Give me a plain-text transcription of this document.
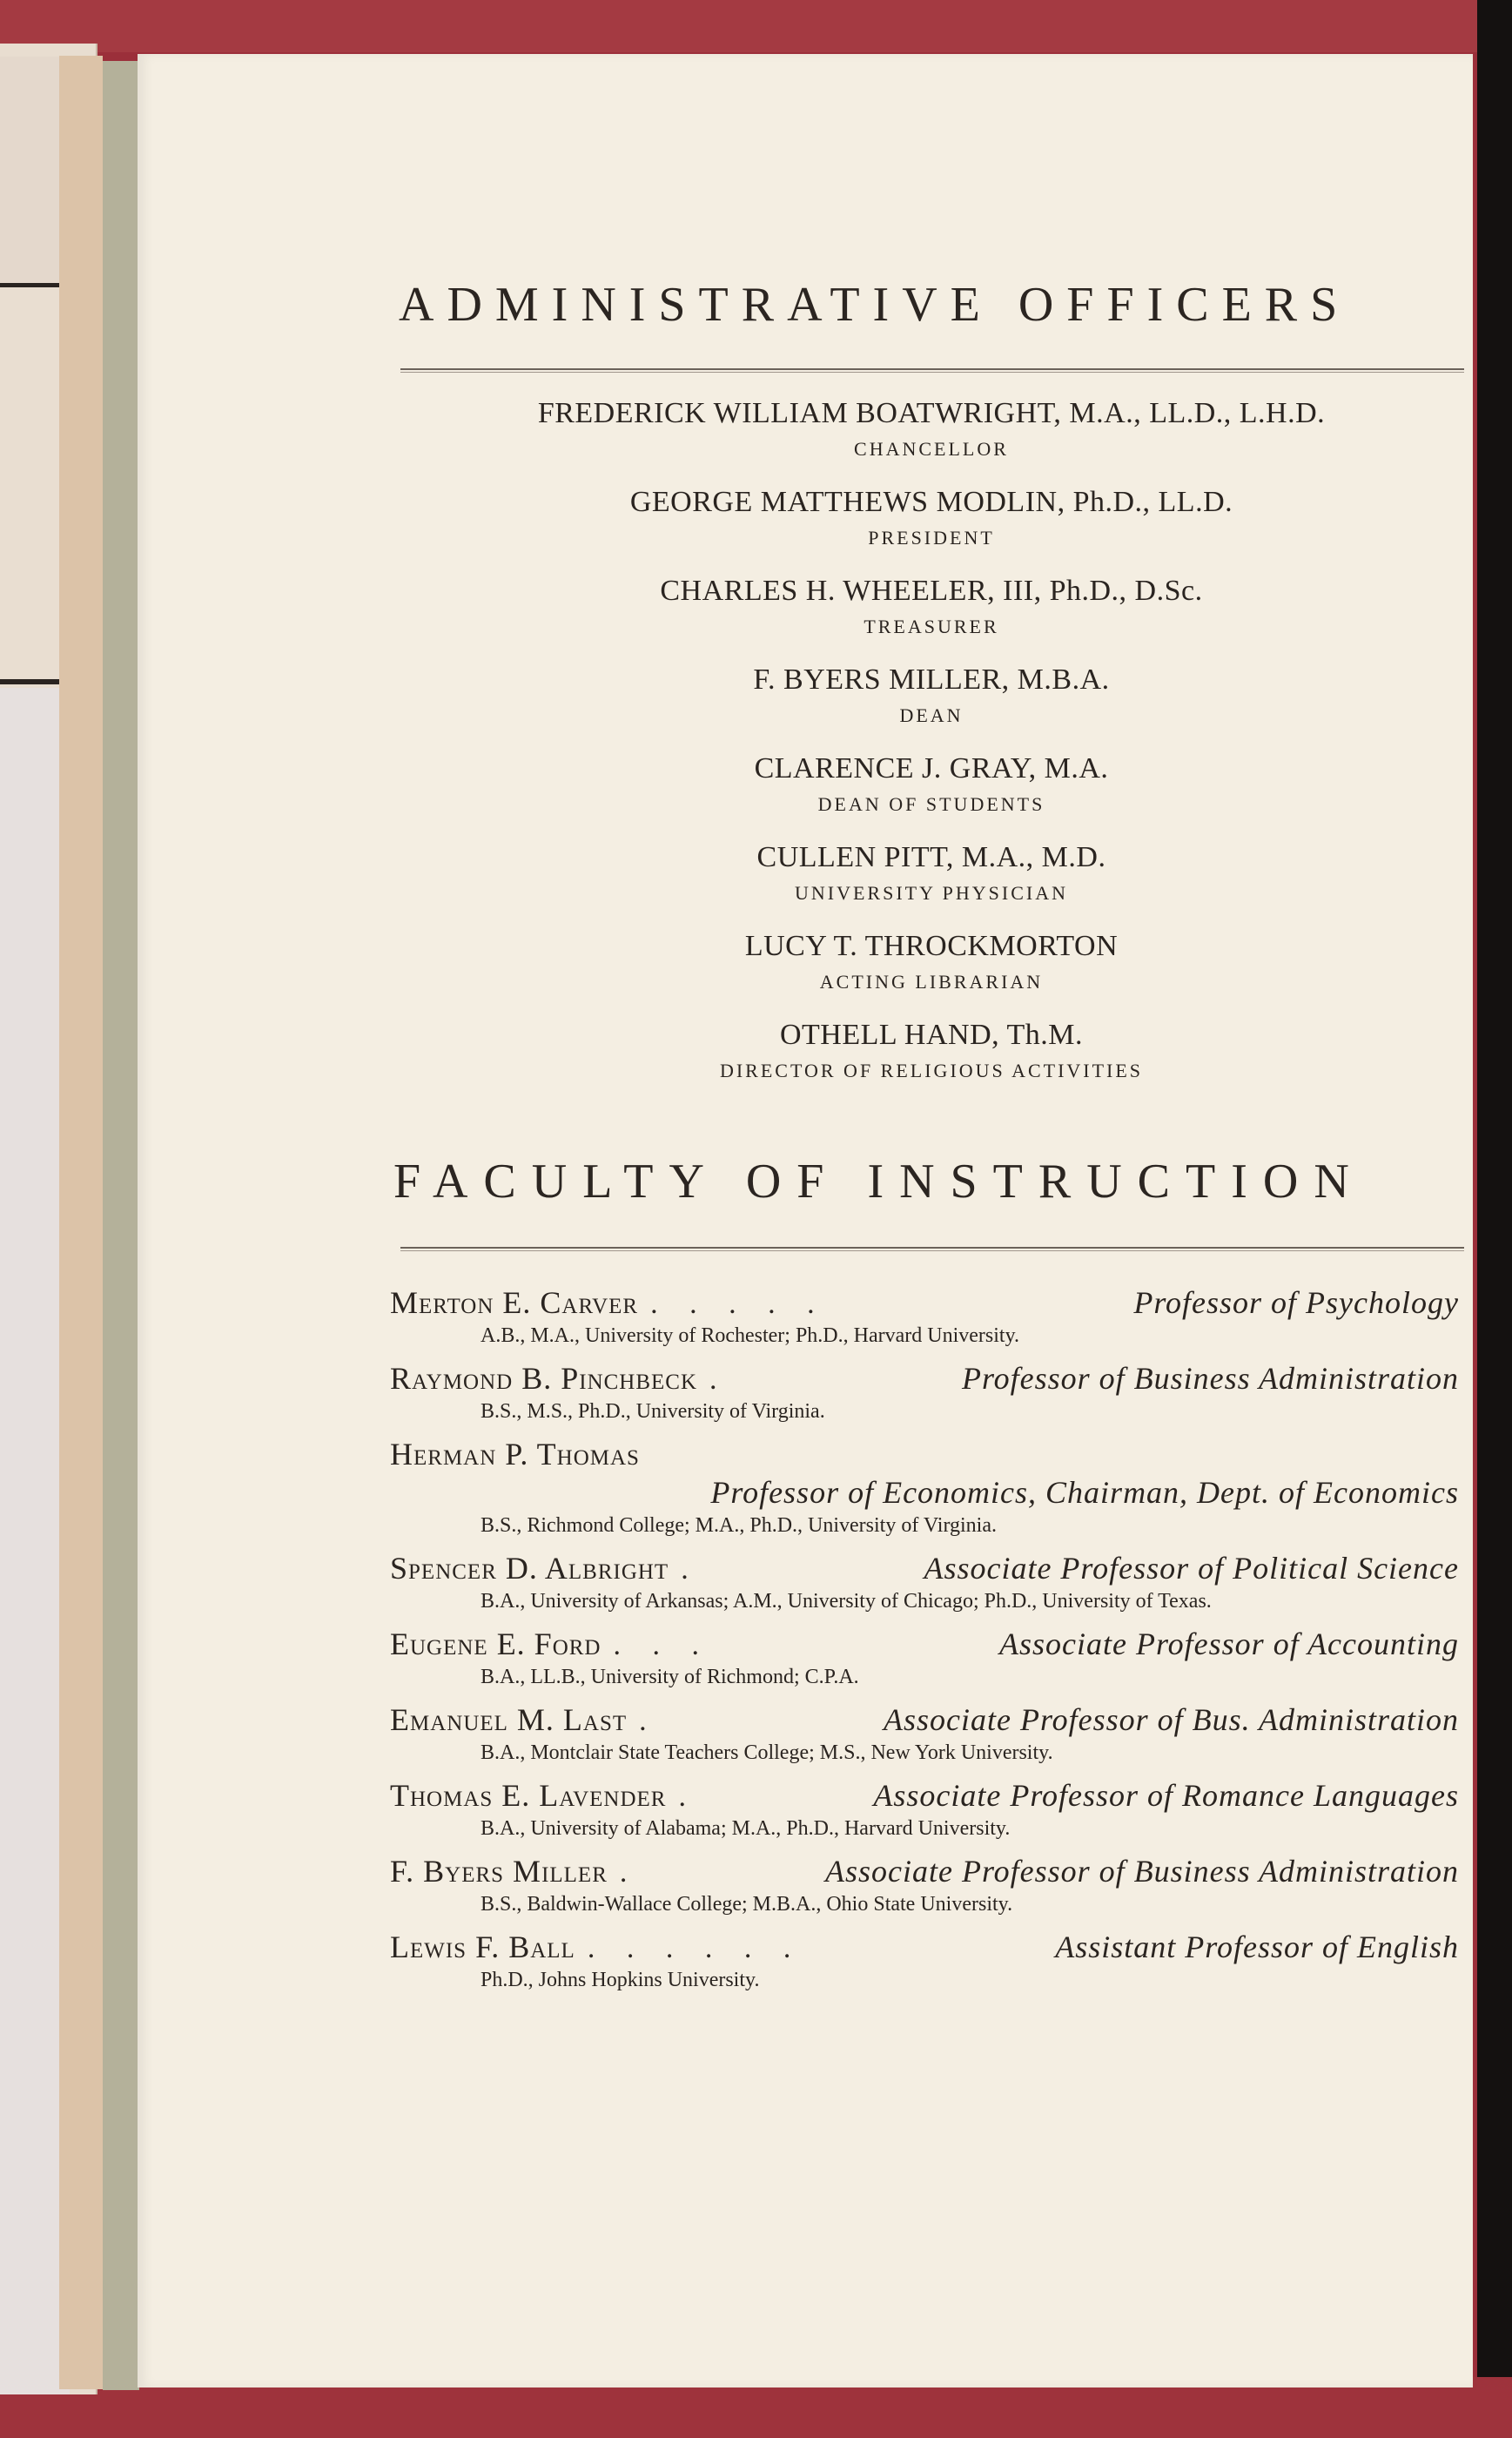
ADMINISTRATIVE OFFICERS
FREDERICK WILLIAM BOATWRIGHT, M.A., LL.D., L.H.D.
CHANCELLOR
GEORGE MATTHEWS MODLIN, Ph.D., LL.D.
PRESIDENT
CHARLES H. WHEELER, III, Ph.D., D.Sc.
TREASURER
F. BYERS MILLER, M.B.A.
DEAN
CLARENCE J. GRAY, M.A.
DEAN OF STUDENTS
CULLEN PITT, M.A., M.D.
UNIVERSITY PHYSICIAN
LUCY T. THROCKMORTON
ACTING LIBRARIAN
OTHELL HAND, Th.M.
DIRECTOR OF RELIGIOUS ACTIVITIES
FACULTY OF INSTRUCTION
Merton E. Carver . . . . .	Professor of Psychology
A.B., M.A., University of Rochester; Ph.D., Harvard University.
Raymond B. Pinchbeck .	Professor of Business Administration
B.S., M.S., Ph.D., University of Virginia.
Herman P. Thomas
Professor of Economics, Chairman, Dept. of Economics
B.S., Richmond College; M.A., Ph.D., University of Virginia.
Spencer D. Albright .	Associate Professor of Political Science
B.A., University of Arkansas; A.M., University of Chicago; Ph.D., University of Texas.
Eugene E. Ford . . .	Associate Professor of Accounting
B.A., LL.B., University of Richmond; C.P.A.
Emanuel M. Last .	Associate Professor of Bus. Administration
B.A., Montclair State Teachers College; M.S., New York University.
Thomas E. Lavender .	Associate Professor of Romance Languages
B.A., University of Alabama; M.A., Ph.D., Harvard University.
F. Byers Miller .	Associate Professor of Business Administration
B.S., Baldwin-Wallace College; M.B.A., Ohio State University.
Lewis F. Ball . . . . . .	Assistant Professor of English
Ph.D., Johns Hopkins University.
